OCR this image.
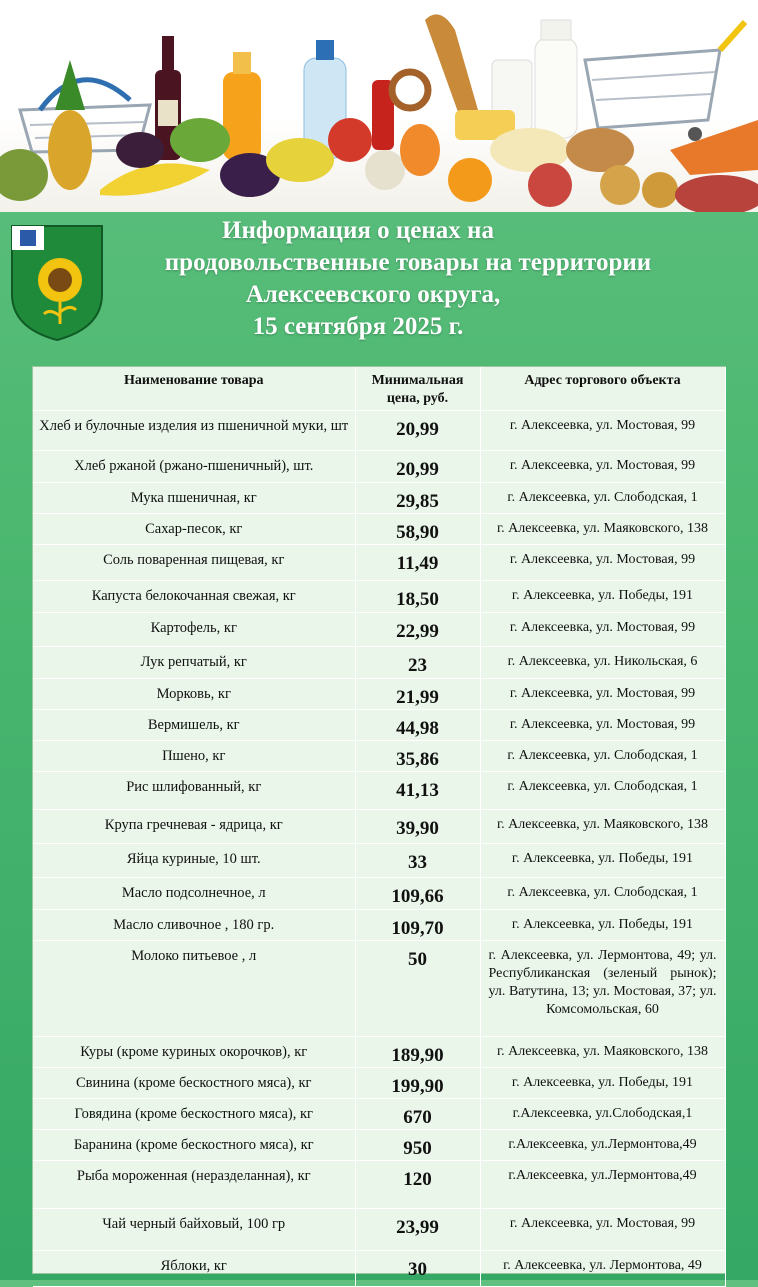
Информация о ценах на
продовольственные товары на территории
Алексеевского округа,
15 сентября 2025 г.
Наименование товара	Минимальная цена, руб.	Адрес торгового объекта
Хлеб и булочные изделия из пшеничной муки, шт	20,99	г. Алексеевка, ул. Мостовая, 99
Хлеб ржаной (ржано-пшеничный), шт.	20,99	г. Алексеевка, ул. Мостовая, 99
Мука пшеничная, кг	29,85	г. Алексеевка, ул. Слободская, 1
Сахар-песок, кг	58,90	г. Алексеевка, ул. Маяковского, 138
Соль поваренная пищевая, кг	11,49	г. Алексеевка, ул. Мостовая, 99
Капуста белокочанная свежая, кг	18,50	г. Алексеевка, ул. Победы, 191
Картофель, кг	22,99	г. Алексеевка, ул. Мостовая, 99
Лук репчатый, кг	23	г. Алексеевка, ул. Никольская, 6
Морковь, кг	21,99	г. Алексеевка, ул. Мостовая, 99
Вермишель, кг	44,98	г. Алексеевка, ул. Мостовая, 99
Пшено, кг	35,86	г. Алексеевка, ул. Слободская, 1
Рис шлифованный, кг	41,13	г. Алексеевка, ул. Слободская, 1
Крупа гречневая - ядрица, кг	39,90	г. Алексеевка, ул. Маяковского, 138
Яйца куриные, 10 шт.	33	г. Алексеевка, ул. Победы, 191
Масло подсолнечное, л	109,66	г. Алексеевка, ул. Слободская, 1
Масло сливочное , 180 гр.	109,70	г. Алексеевка, ул. Победы, 191
Молоко питьевое , л	50	г. Алексеевка, ул. Лермонтова, 49; ул. Республиканская (зеленый рынок); ул. Ватутина, 13; ул. Мостовая, 37; ул. Комсомольская, 60
Куры (кроме куриных окорочков), кг	189,90	г. Алексеевка, ул. Маяковского, 138
Свинина (кроме бескостного мяса), кг	199,90	г. Алексеевка, ул. Победы, 191
Говядина (кроме бескостного мяса), кг	670	г.Алексеевка, ул.Слободская,1
Баранина (кроме бескостного мяса), кг	950	г.Алексеевка, ул.Лермонтова,49
Рыба мороженная (неразделанная), кг	120	г.Алексеевка, ул.Лермонтова,49
Чай черный байховый, 100 гр	23,99	г. Алексеевка, ул. Мостовая, 99
Яблоки, кг	30	г. Алексеевка, ул. Лермонтова, 49
